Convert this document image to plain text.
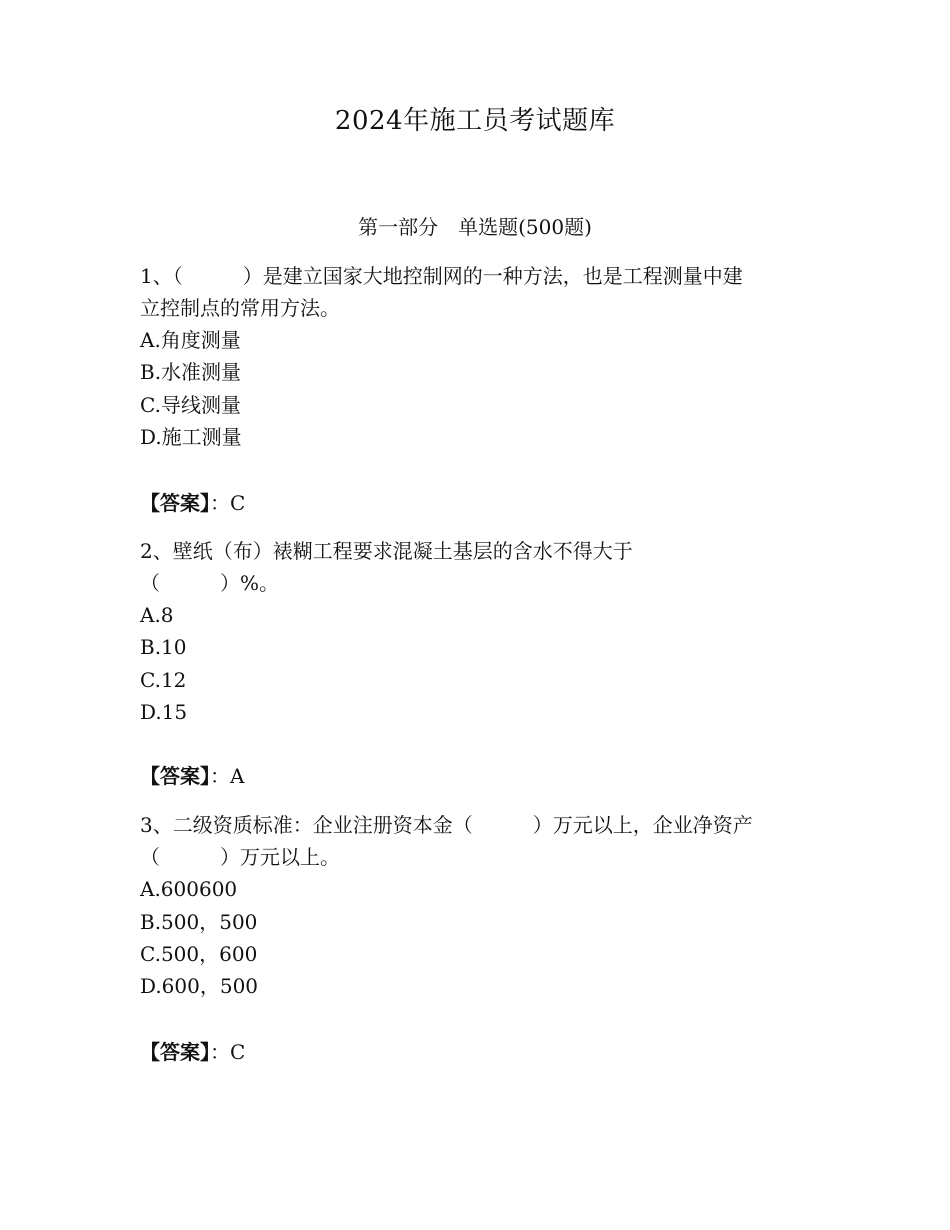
2024年施工员考试题库
第一部分　单选题(500题)
1、（　　　）是建立国家大地控制网的一种方法，也是工程测量中建
立控制点的常用方法。
A.角度测量
B.水准测量
C.导线测量
D.施工测量
【答案】：C
2、壁纸（布）裱糊工程要求混凝土基层的含水不得大于
（　　　）%。
A.8
B.10
C.12
D.15
【答案】：A
3、二级资质标准：企业注册资本金（　　　）万元以上，企业净资产
（　　　）万元以上。
A.600600
B.500，500
C.500，600
D.600，500
【答案】：C
